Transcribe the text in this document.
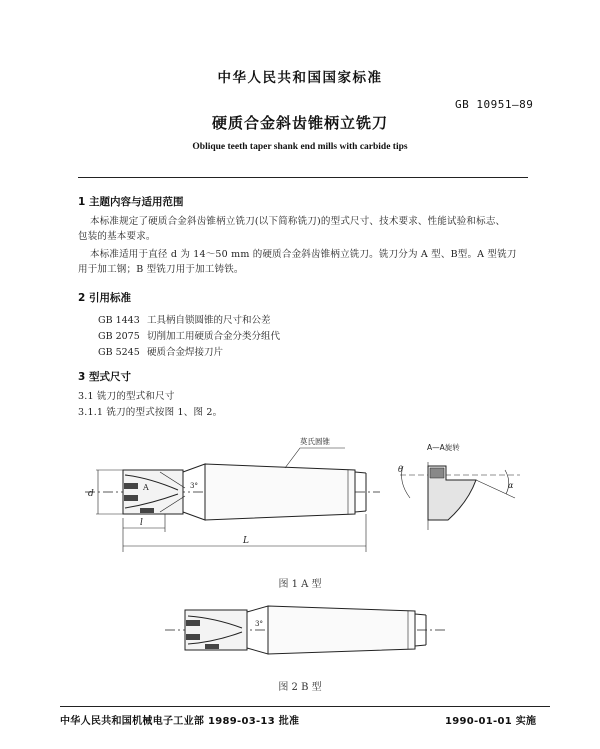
中华人民共和国国家标准
GB 10951—89
硬质合金斜齿锥柄立铣刀
Oblique teeth taper shank end mills with carbide tips
1 主题内容与适用范围
本标准规定了硬质合金斜齿锥柄立铣刀(以下简称铣刀)的型式尺寸、技术要求、性能试验和标志、
包装的基本要求。
本标准适用于直径 d 为 14～50 mm 的硬质合金斜齿锥柄立铣刀。铣刀分为 A 型、B型。A 型铣刀
用于加工钢；B 型铣刀用于加工铸铁。
2 引用标准
GB 1443 工具柄自锁圆锥的尺寸和公差
GB 2075 切削加工用硬质合金分类分组代
GB 5245 硬质合金焊接刀片
3 型式尺寸
3.1 铣刀的型式和尺寸
3.1.1 铣刀的型式按图 1、图 2。
莫氏圆锥
A—A旋转
d
l
L
A	3°
θ
α
图 1 A 型
3°
图 2 B 型
中华人民共和国机械电子工业部 1989-03-13 批准	1990-01-01 实施
